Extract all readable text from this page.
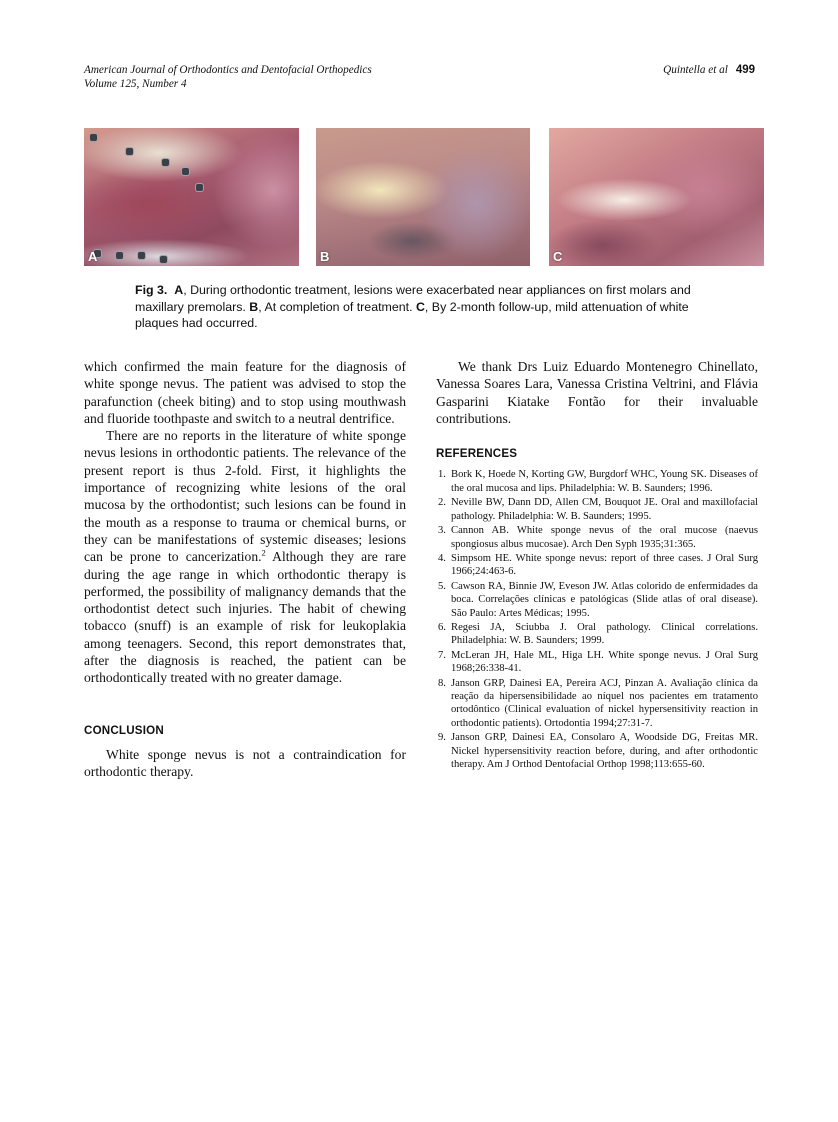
American Journal of Orthodontics and Dentofacial Orthopedics
Volume 125, Number 4
Quintella et al 499
A	B	C
Fig 3. A, During orthodontic treatment, lesions were exacerbated near appliances on first molars and maxillary premolars. B, At completion of treatment. C, By 2-month follow-up, mild attenuation of white plaques had occurred.

which confirmed the main feature for the diagnosis of white sponge nevus. The patient was advised to stop the parafunction (cheek biting) and to stop using mouthwash and fluoride toothpaste and switch to a neutral dentrifice.

There are no reports in the literature of white sponge nevus lesions in orthodontic patients. The relevance of the present report is thus 2-fold. First, it highlights the importance of recognizing white lesions of the oral mucosa by the orthodontist; such lesions can be found in the mouth as a response to trauma or chemical burns, or they can be manifestations of systemic diseases; lesions can be prone to cancerization.$^2$ Although they are rare during the age range in which orthodontic therapy is performed, the possibility of malignancy demands that the orthodontist detect such injuries. The habit of chewing tobacco (snuff) is an example of risk for leukoplakia among teenagers. Second, this report demonstrates that, after the diagnosis is reached, the patient can be orthodontically treated with no greater damage.

CONCLUSION

White sponge nevus is not a contraindication for orthodontic therapy.

We thank Drs Luiz Eduardo Montenegro Chinellato, Vanessa Soares Lara, Vanessa Cristina Veltrini, and Flávia Gasparini Kiatake Fontão for their invaluable contributions.

REFERENCES

1. Bork K, Hoede N, Korting GW, Burgdorf WHC, Young SK. Diseases of the oral mucosa and lips. Philadelphia: W. B. Saunders; 1996.
2. Neville BW, Dann DD, Allen CM, Bouquot JE. Oral and maxillofacial pathology. Philadelphia: W. B. Saunders; 1995.
3. Cannon AB. White sponge nevus of the oral mucose (naevus spongiosus albus mucosae). Arch Den Syph 1935;31:365.
4. Simpsom HE. White sponge nevus: report of three cases. J Oral Surg 1966;24:463-6.
5. Cawson RA, Binnie JW, Eveson JW. Atlas colorido de enfermidades da boca. Correlações clínicas e patológicas (Slide atlas of oral disease). São Paulo: Artes Médicas; 1995.
6. Regesi JA, Sciubba J. Oral pathology. Clinical correlations. Philadelphia: W. B. Saunders; 1999.
7. McLeran JH, Hale ML, Higa LH. White sponge nevus. J Oral Surg 1968;26:338-41.
8. Janson GRP, Dainesi EA, Pereira ACJ, Pinzan A. Avaliação clínica da reação da hipersensibilidade ao níquel nos pacientes em tratamento ortodôntico (Clinical evaluation of nickel hypersensitivity reaction in orthodontic patients). Ortodontia 1994;27:31-7.
9. Janson GRP, Dainesi EA, Consolaro A, Woodside DG, Freitas MR. Nickel hypersensitivity reaction before, during, and after orthodontic therapy. Am J Orthod Dentofacial Orthop 1998;113:655-60.
